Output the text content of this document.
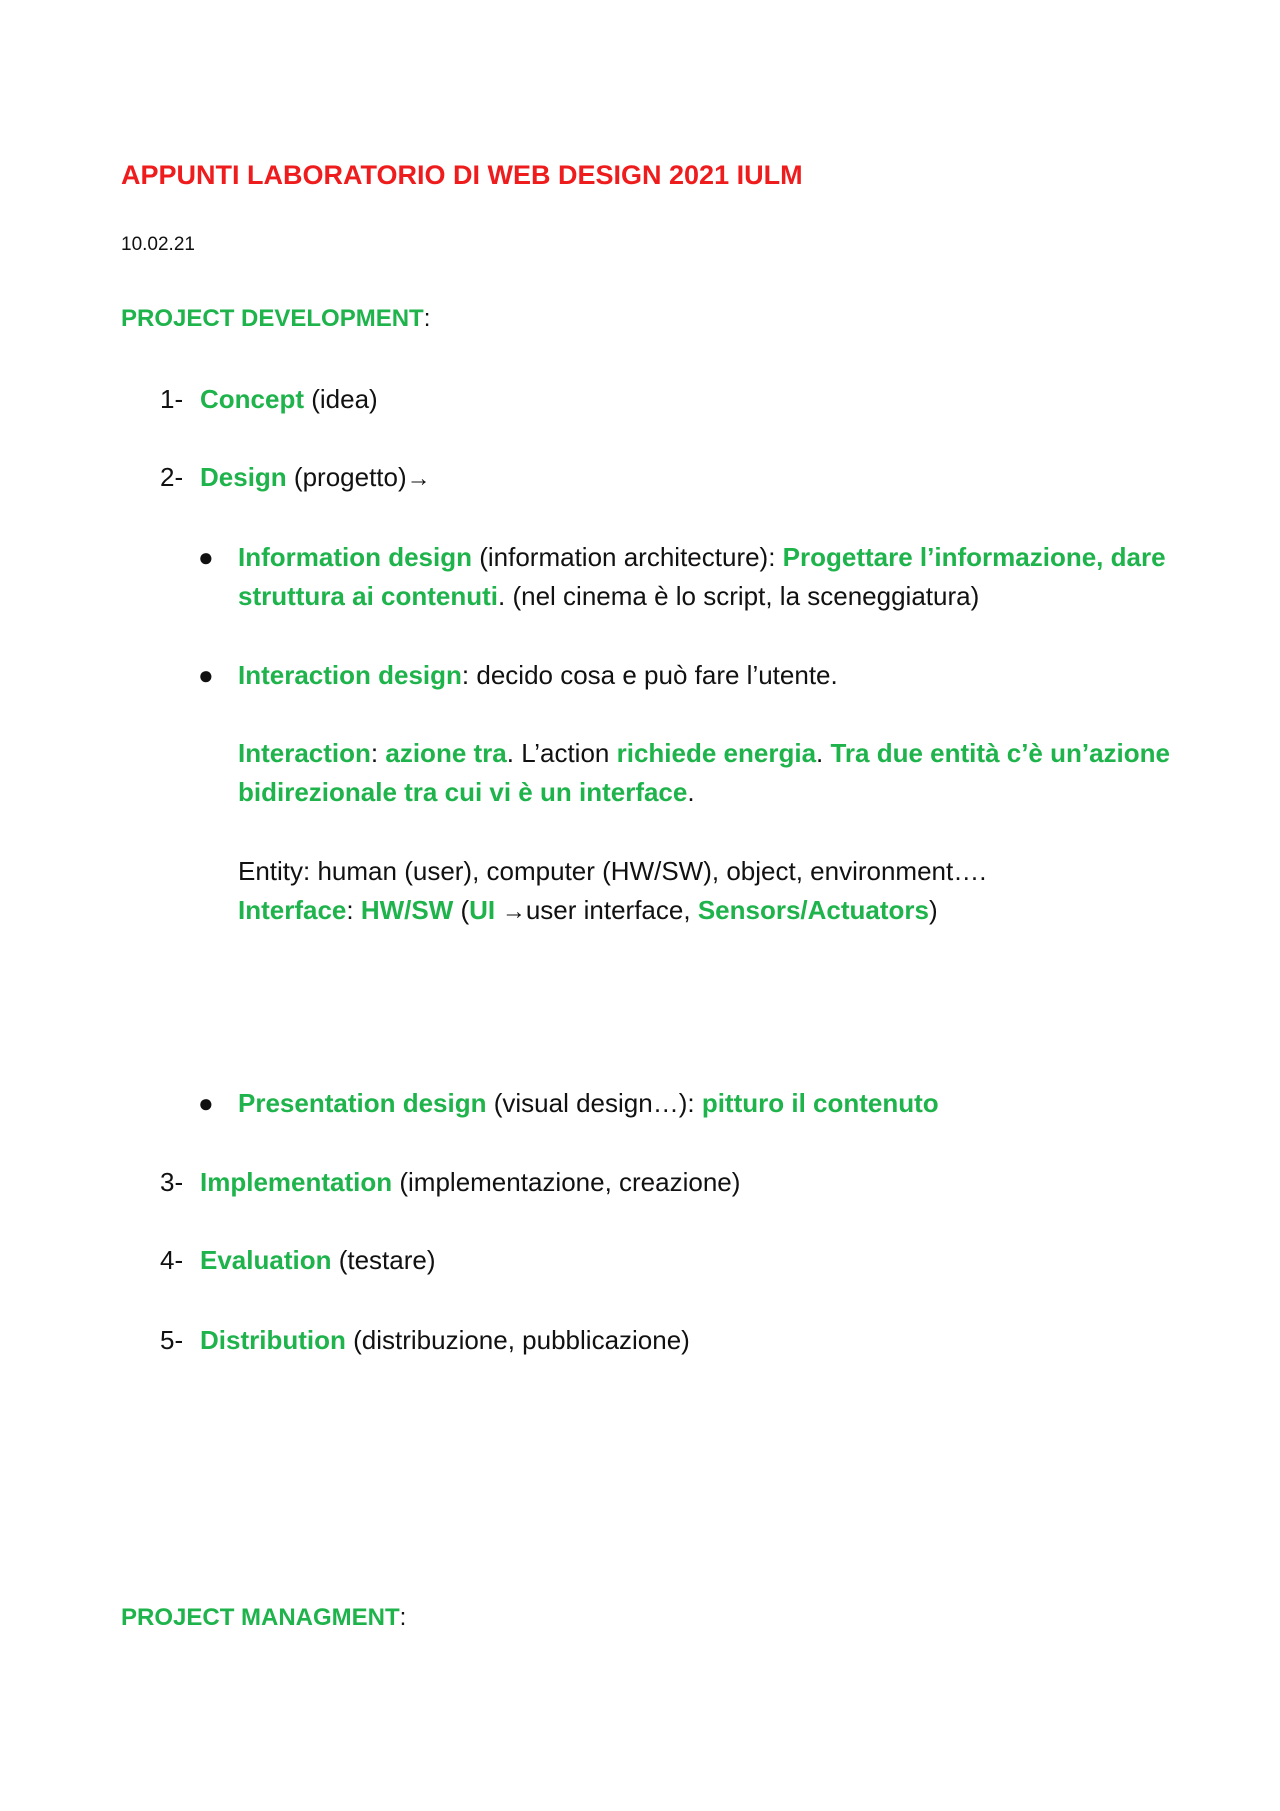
APPUNTI LABORATORIO DI WEB DESIGN 2021 IULM
10.02.21
PROJECT DEVELOPMENT:
1- Concept (idea)
2- Design (progetto)→
● Information design (information architecture): Progettare l’informazione, dare struttura ai contenuti. (nel cinema è lo script, la sceneggiatura)
● Interaction design: decido cosa e può fare l’utente.
Interaction: azione tra. L’action richiede energia. Tra due entità c’è un’azione bidirezionale tra cui vi è un interface.
Entity: human (user), computer (HW/SW), object, environment….
Interface: HW/SW (UI →user interface, Sensors/Actuators)
● Presentation design (visual design…): pitturo il contenuto
3- Implementation (implementazione, creazione)
4- Evaluation (testare)
5- Distribution (distribuzione, pubblicazione)
PROJECT MANAGMENT:
